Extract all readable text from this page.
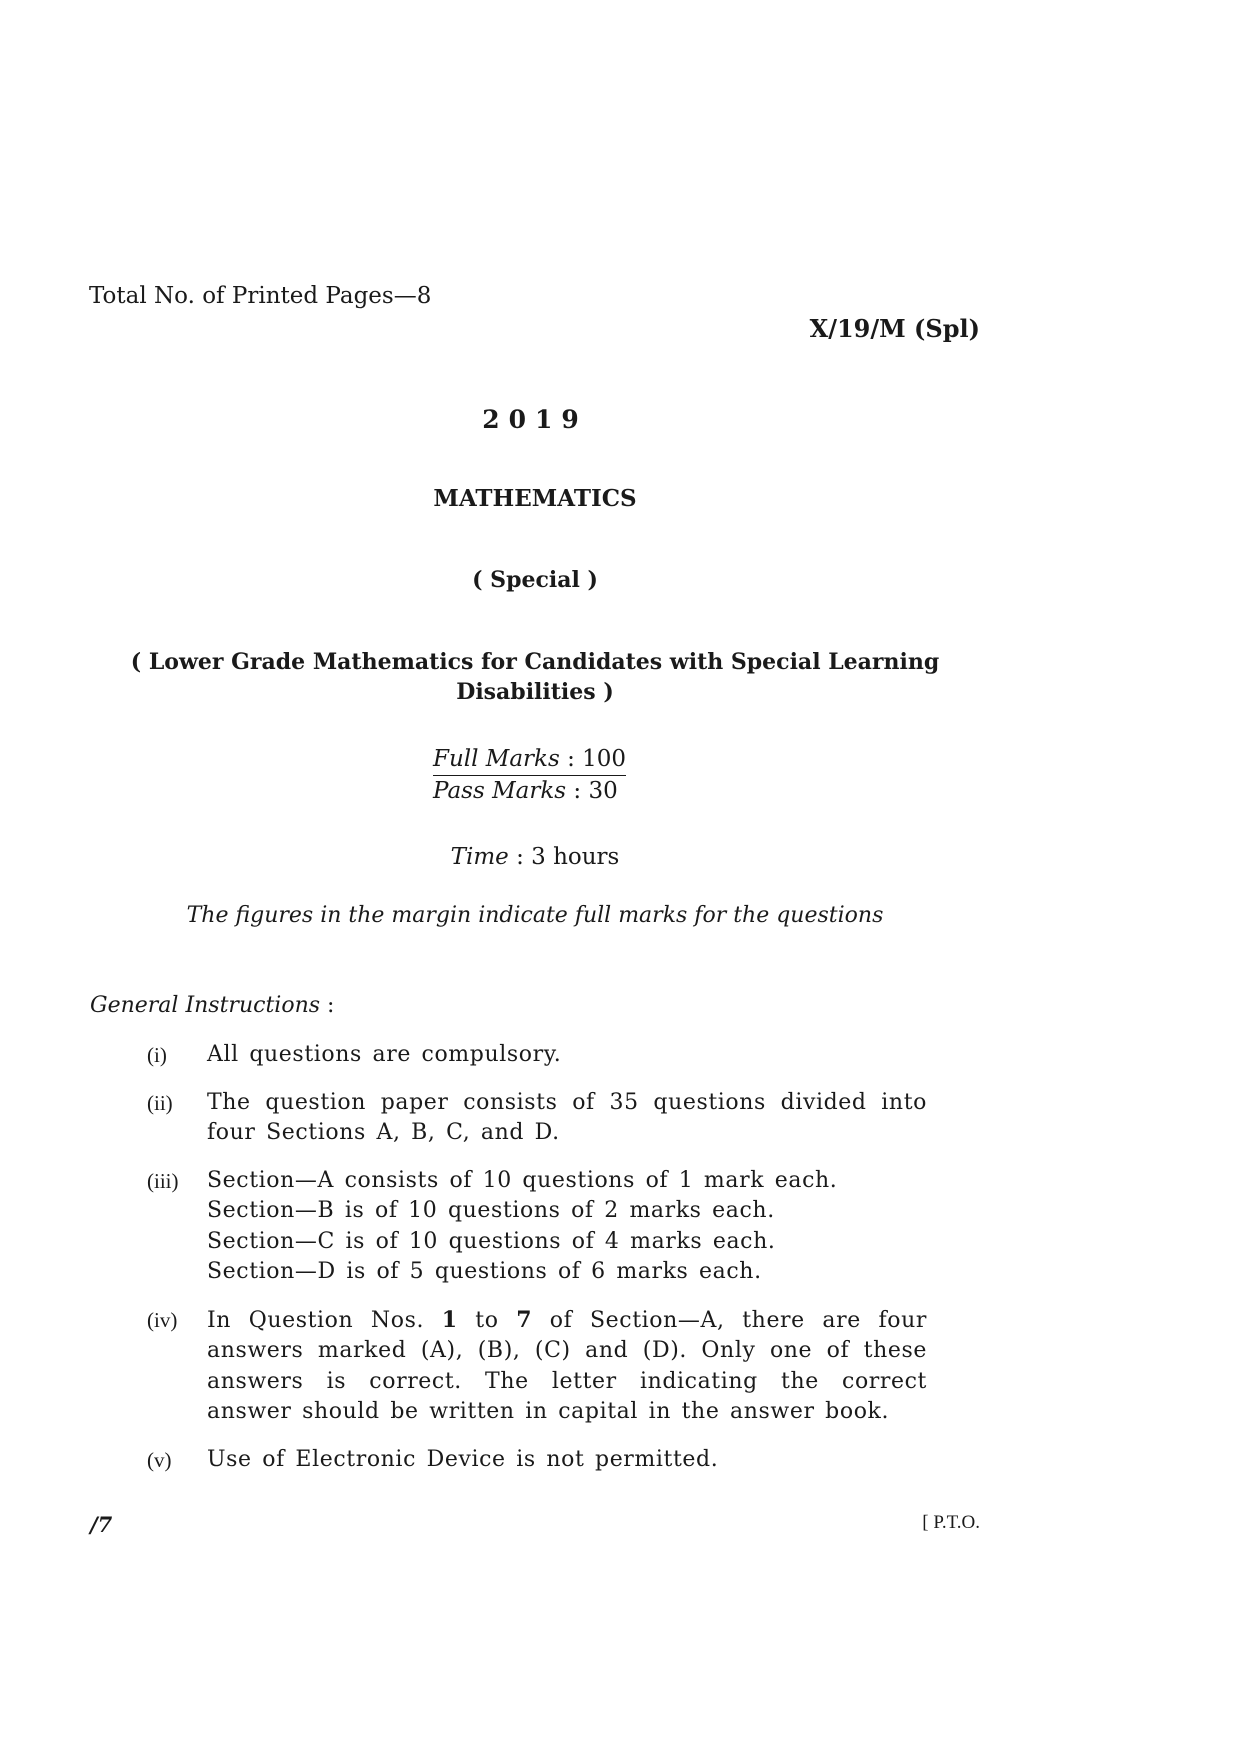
Total No. of Printed Pages—8
X/19/M (Spl)
2019
MATHEMATICS
( Special )
( Lower Grade Mathematics for Candidates with Special Learning Disabilities )
Full Marks : 100
Pass Marks : 30
Time : 3 hours
The figures in the margin indicate full marks for the questions
General Instructions :
(i)	All questions are compulsory.
(ii)	The question paper consists of 35 questions divided into
four Sections A, B, C, and D.
(iii)	Section—A consists of 10 questions of 1 mark each.
Section—B is of 10 questions of 2 marks each.
Section—C is of 10 questions of 4 marks each.
Section—D is of 5 questions of 6 marks each.
(iv)	In Question Nos. 1 to 7 of Section—A, there are four
answers marked (A), (B), (C) and (D). Only one of these
answers is correct. The letter indicating the correct
answer should be written in capital in the answer book.
(v)	Use of Electronic Device is not permitted.
/7	[ P.T.O.
